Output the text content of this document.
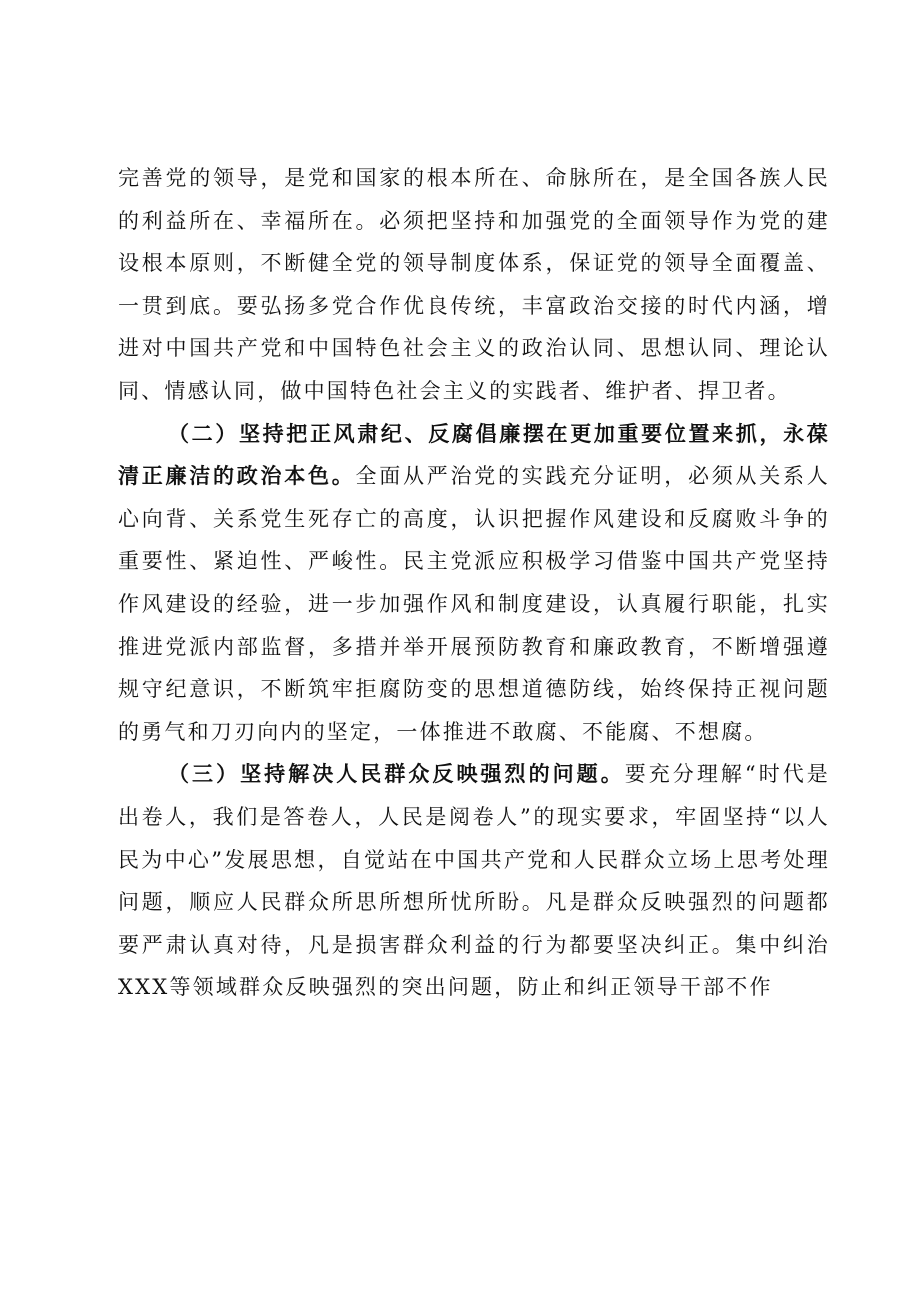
完善党的领导，是党和国家的根本所在、命脉所在，是全国各族人民的利益所在、幸福所在。必须把坚持和加强党的全面领导作为党的建设根本原则，不断健全党的领导制度体系，保证党的领导全面覆盖、一贯到底。要弘扬多党合作优良传统，丰富政治交接的时代内涵，增进对中国共产党和中国特色社会主义的政治认同、思想认同、理论认同、情感认同，做中国特色社会主义的实践者、维护者、捍卫者。

（二）坚持把正风肃纪、反腐倡廉摆在更加重要位置来抓，永葆清正廉洁的政治本色。全面从严治党的实践充分证明，必须从关系人心向背、关系党生死存亡的高度，认识把握作风建设和反腐败斗争的重要性、紧迫性、严峻性。民主党派应积极学习借鉴中国共产党坚持作风建设的经验，进一步加强作风和制度建设，认真履行职能，扎实推进党派内部监督，多措并举开展预防教育和廉政教育，不断增强遵规守纪意识，不断筑牢拒腐防变的思想道德防线，始终保持正视问题的勇气和刀刃向内的坚定，一体推进不敢腐、不能腐、不想腐。

（三）坚持解决人民群众反映强烈的问题。要充分理解“时代是出卷人，我们是答卷人，人民是阅卷人”的现实要求，牢固坚持“以人民为中心”发展思想，自觉站在中国共产党和人民群众立场上思考处理问题，顺应人民群众所思所想所忧所盼。凡是群众反映强烈的问题都要严肃认真对待，凡是损害群众利益的行为都要坚决纠正。集中纠治XXX等领域群众反映强烈的突出问题，防止和纠正领导干部不作
